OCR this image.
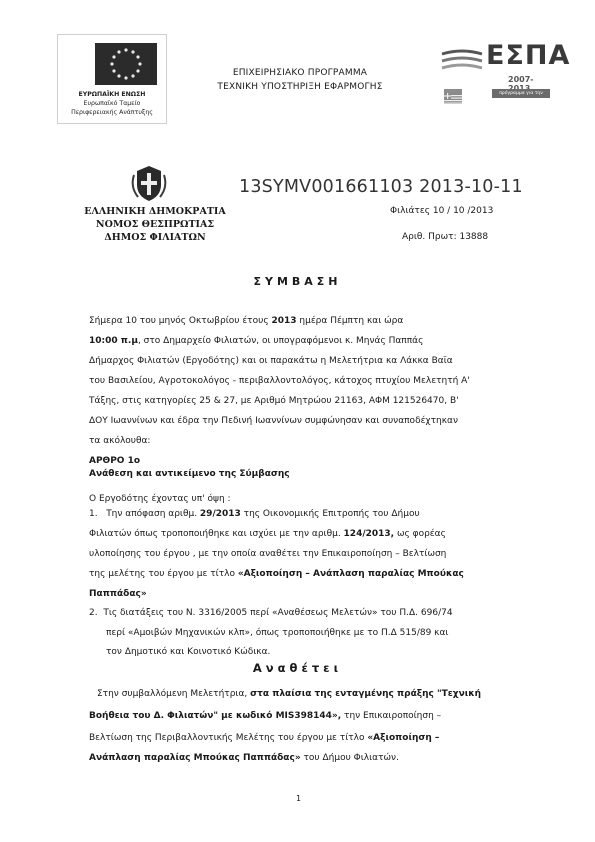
ΕΥΡΩΠΑΪΚΗ ΕΝΩΣΗ
Ευρωπαϊκό Ταμείο
Περιφερειακής Ανάπτυξης
ΕΠΙΧΕΙΡΗΣΙΑΚΟ ΠΡΟΓΡΑΜΜΑ
ΤΕΧΝΙΚΗ ΥΠΟΣΤΗΡΙΞΗ ΕΦΑΡΜΟΓΗΣ
ΕΣΠΑ
2007-
πρόγραμμα για την ανάπτυξη
ΕΛΛΗΝΙΚΗ ΔΗΜΟΚΡΑΤΙΑ
ΝΟΜΟΣ ΘΕΣΠΡΩΤΙΑΣ
ΔΗΜΟΣ ΦΙΛΙΑΤΩΝ
13SYMV001661103 2013-10-11
Φιλιάτες 10 / 10 /2013
Αριθ. Πρωτ: 13888
ΣΥΜΒΑΣΗ
Σήμερα 10 του μηνός Οκτωβρίου έτους 2013 ημέρα Πέμπτη και ώρα
10:00 π.μ, στο Δημαρχείο Φιλιατών, οι υπογραφόμενοι κ. Μηνάς Παππάς
Δήμαρχος Φιλιατών (Εργοδότης) και οι παρακάτω η Μελετήτρια κα Λάκκα Βαϊα
του Βασιλείου, Αγροτοκολόγος - περιβαλλοντολόγος, κάτοχος πτυχίου Μελετητή Α'
Τάξης, στις κατηγορίες 25 & 27, με Αριθμό Μητρώου 21163, ΑΦΜ 121526470, Β'
ΔΟΥ Ιωαννίνων και έδρα την Πεδινή Ιωαννίνων συμφώνησαν και συναποδέχτηκαν
τα ακόλουθα:
ΑΡΘΡΟ 1ο
Ανάθεση και αντικείμενο της Σύμβασης
Ο Εργοδότης έχοντας υπ' όψη :
1. Την απόφαση αριθμ. 29/2013 της Οικονομικής Επιτροπής του Δήμου
Φιλιατών όπως τροποποιήθηκε και ισχύει με την αριθμ. 124/2013, ως φορέας
υλοποίησης του έργου , με την οποία αναθέτει την Επικαιροποίηση – Βελτίωση
της μελέτης του έργου με τίτλο «Αξιοποίηση – Ανάπλαση παραλίας Μπούκας
Παππάδας»
2. Τις διατάξεις του Ν. 3316/2005 περί «Αναθέσεως Μελετών» του Π.Δ. 696/74
περί «Αμοιβών Μηχανικών κλπ», όπως τροποποιήθηκε με το Π.Δ 515/89 και
τον Δημοτικό και Κοινοτικό Κώδικα.
Αναθέτει
Στην συμβαλλόμενη Μελετήτρια, στα πλαίσια της ενταγμένης πράξης "Τεχνική
Βοήθεια του Δ. Φιλιατών" με κωδικό ΜΙS398144», την Επικαιροποίηση –
Βελτίωση της Περιβαλλοντικής Μελέτης του έργου με τίτλο «Αξιοποίηση –
Ανάπλαση παραλίας Μπούκας Παππάδας» του Δήμου Φιλιατών.
1
